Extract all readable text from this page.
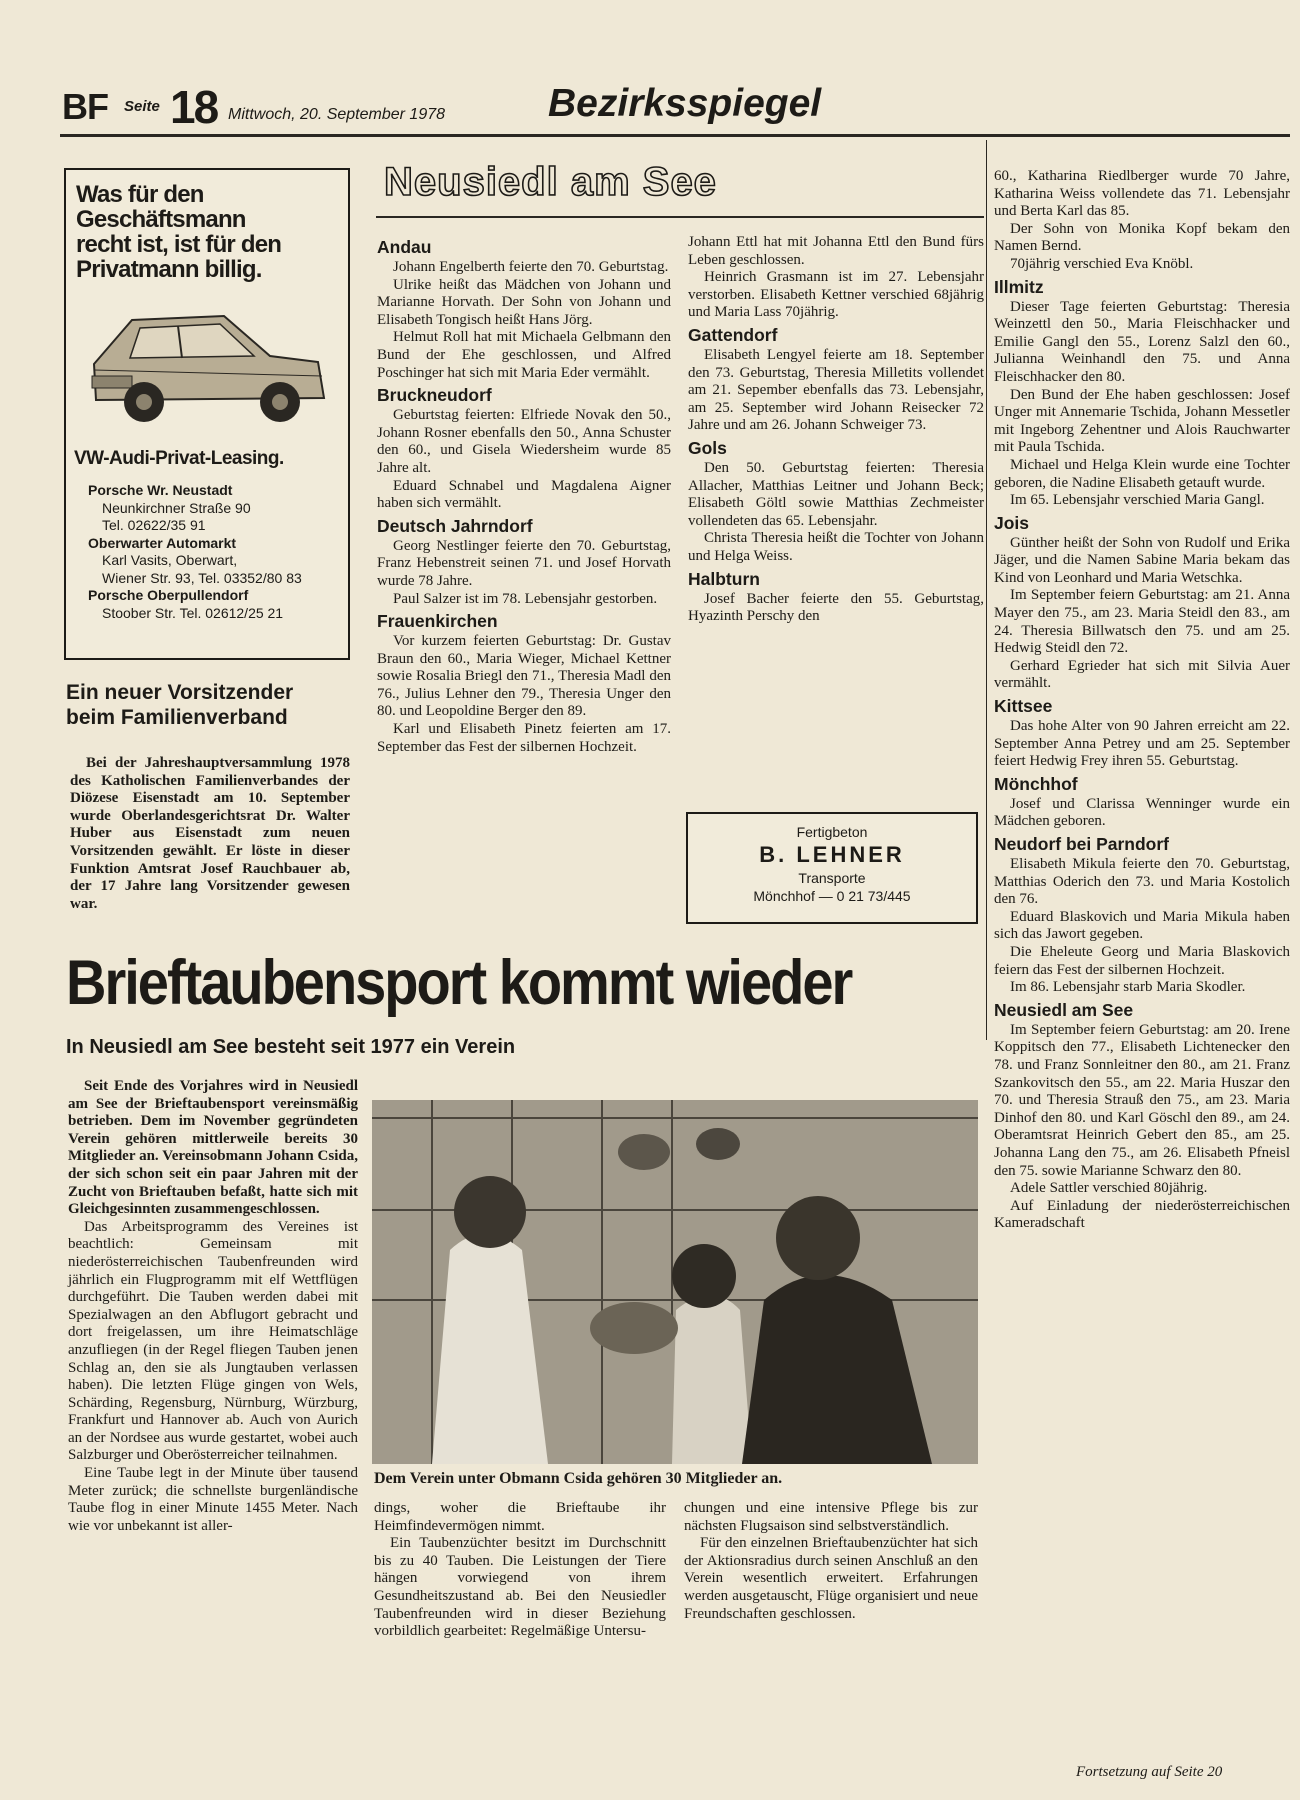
BF Seite 18 Mittwoch, 20. September 1978	Bezirksspiegel
Was für den
Geschäftsmann
recht ist, ist für den
Privatmann billig.
VW-Audi-Privat-Leasing.
Porsche Wr. Neustadt
Neunkirchner Straße 90
Tel. 02622/35 91
Oberwarter Automarkt
Karl Vasits, Oberwart,
Wiener Str. 93, Tel. 03352/80 83
Porsche Oberpullendorf
Stoober Str. Tel. 02612/25 21
Ein neuer Vorsitzender
beim Familienverband

Bei der Jahreshauptversammlung 1978 des Katholischen Familienverbandes der Diözese Eisenstadt am 10. September wurde Oberlandesgerichtsrat Dr. Walter Huber aus Eisenstadt zum neuen Vorsitzenden gewählt. Er löste in dieser Funktion Amtsrat Josef Rauchbauer ab, der 17 Jahre lang Vorsitzender gewesen war.

Neusiedl am See
Andau

Johann Engelberth feierte den 70. Geburtstag.

Ulrike heißt das Mädchen von Johann und Marianne Horvath. Der Sohn von Johann und Elisabeth Tongisch heißt Hans Jörg.

Helmut Roll hat mit Michaela Gelbmann den Bund der Ehe geschlossen, und Alfred Poschinger hat sich mit Maria Eder vermählt.

Bruckneudorf

Geburtstag feierten: Elfriede Novak den 50., Johann Rosner ebenfalls den 50., Anna Schuster den 60., und Gisela Wiedersheim wurde 85 Jahre alt.

Eduard Schnabel und Magdalena Aigner haben sich vermählt.

Deutsch Jahrndorf

Georg Nestlinger feierte den 70. Geburtstag, Franz Hebenstreit seinen 71. und Josef Horvath wurde 78 Jahre.

Paul Salzer ist im 78. Lebensjahr gestorben.

Frauenkirchen

Vor kurzem feierten Geburtstag: Dr. Gustav Braun den 60., Maria Wieger, Michael Kettner sowie Rosalia Briegl den 71., Theresia Madl den 76., Julius Lehner den 79., Theresia Unger den 80. und Leopoldine Berger den 89.

Karl und Elisabeth Pinetz feierten am 17. September das Fest der silbernen Hochzeit.

Johann Ettl hat mit Johanna Ettl den Bund fürs Leben geschlossen.

Heinrich Grasmann ist im 27. Lebensjahr verstorben. Elisabeth Kettner verschied 68jährig und Maria Lass 70jährig.

Gattendorf

Elisabeth Lengyel feierte am 18. September den 73. Geburtstag, Theresia Milletits vollendet am 21. Sepember ebenfalls das 73. Lebensjahr, am 25. September wird Johann Reisecker 72 Jahre und am 26. Johann Schweiger 73.

Gols

Den 50. Geburtstag feierten: Theresia Allacher, Matthias Leitner und Johann Beck; Elisabeth Göltl sowie Matthias Zechmeister vollendeten das 65. Lebensjahr.

Christa Theresia heißt die Tochter von Johann und Helga Weiss.

Halbturn

Josef Bacher feierte den 55. Geburtstag, Hyazinth Perschy den

Fertigbeton
B. LEHNER
Transporte
Mönchhof — 0 21 73/445

60., Katharina Riedlberger wurde 70 Jahre, Katharina Weiss vollendete das 71. Lebensjahr und Berta Karl das 85.

Der Sohn von Monika Kopf bekam den Namen Bernd.

70jährig verschied Eva Knöbl.

Illmitz

Dieser Tage feierten Geburtstag: Theresia Weinzettl den 50., Maria Fleischhacker und Emilie Gangl den 55., Lorenz Salzl den 60., Julianna Weinhandl den 75. und Anna Fleischhacker den 80.

Den Bund der Ehe haben geschlossen: Josef Unger mit Annemarie Tschida, Johann Messetler mit Ingeborg Zehentner und Alois Rauchwarter mit Paula Tschida.

Michael und Helga Klein wurde eine Tochter geboren, die Nadine Elisabeth getauft wurde.

Im 65. Lebensjahr verschied Maria Gangl.

Jois

Günther heißt der Sohn von Rudolf und Erika Jäger, und die Namen Sabine Maria bekam das Kind von Leonhard und Maria Wetschka.

Im September feiern Geburtstag: am 21. Anna Mayer den 75., am 23. Maria Steidl den 83., am 24. Theresia Billwatsch den 75. und am 25. Hedwig Steidl den 72.

Gerhard Egrieder hat sich mit Silvia Auer vermählt.

Kittsee

Das hohe Alter von 90 Jahren erreicht am 22. September Anna Petrey und am 25. September feiert Hedwig Frey ihren 55. Geburtstag.

Mönchhof

Josef und Clarissa Wenninger wurde ein Mädchen geboren.

Neudorf bei Parndorf

Elisabeth Mikula feierte den 70. Geburtstag, Matthias Oderich den 73. und Maria Kostolich den 76.

Eduard Blaskovich und Maria Mikula haben sich das Jawort gegeben.

Die Eheleute Georg und Maria Blaskovich feiern das Fest der silbernen Hochzeit.

Im 86. Lebensjahr starb Maria Skodler.

Neusiedl am See

Im September feiern Geburtstag: am 20. Irene Koppitsch den 77., Elisabeth Lichtenecker den 78. und Franz Sonnleitner den 80., am 21. Franz Szankovitsch den 55., am 22. Maria Huszar den 70. und Theresia Strauß den 75., am 23. Maria Dinhof den 80. und Karl Göschl den 89., am 24. Oberamtsrat Heinrich Gebert den 85., am 25. Johanna Lang den 75., am 26. Elisabeth Pfneisl den 75. sowie Marianne Schwarz den 80.

Adele Sattler verschied 80jährig.

Auf Einladung der niederösterreichischen Kameradschaft

Fortsetzung auf Seite 20
Brieftaubensport kommt wieder
In Neusiedl am See besteht seit 1977 ein Verein

Seit Ende des Vorjahres wird in Neusiedl am See der Brieftaubensport vereinsmäßig betrieben. Dem im November gegründeten Verein gehören mittlerweile bereits 30 Mitglieder an. Vereinsobmann Johann Csida, der sich schon seit ein paar Jahren mit der Zucht von Brieftauben befaßt, hatte sich mit Gleichgesinnten zusammengeschlossen.

Das Arbeitsprogramm des Vereines ist beachtlich: Gemeinsam mit niederösterreichischen Taubenfreunden wird jährlich ein Flugprogramm mit elf Wettflügen durchgeführt. Die Tauben werden dabei mit Spezialwagen an den Abflugort gebracht und dort freigelassen, um ihre Heimatschläge anzufliegen (in der Regel fliegen Tauben jenen Schlag an, den sie als Jungtauben verlassen haben). Die letzten Flüge gingen von Wels, Schärding, Regensburg, Nürnburg, Würzburg, Frankfurt und Hannover ab. Auch von Aurich an der Nordsee aus wurde gestartet, wobei auch Salzburger und Oberösterreicher teilnahmen.

Eine Taube legt in der Minute über tausend Meter zurück; die schnellste burgenländische Taube flog in einer Minute 1455 Meter. Nach wie vor unbekannt ist aller-

Dem Verein unter Obmann Csida gehören 30 Mitglieder an.

dings, woher die Brieftaube ihr Heimfindevermögen nimmt.

Ein Taubenzüchter besitzt im Durchschnitt bis zu 40 Tauben. Die Leistungen der Tiere hängen vorwiegend von ihrem Gesundheitszustand ab. Bei den Neusiedler Taubenfreunden wird in dieser Beziehung vorbildlich gearbeitet: Regelmäßige Untersu-

chungen und eine intensive Pflege bis zur nächsten Flugsaison sind selbstverständlich.

Für den einzelnen Brieftaubenzüchter hat sich der Aktionsradius durch seinen Anschluß an den Verein wesentlich erweitert. Erfahrungen werden ausgetauscht, Flüge organisiert und neue Freundschaften geschlossen.
